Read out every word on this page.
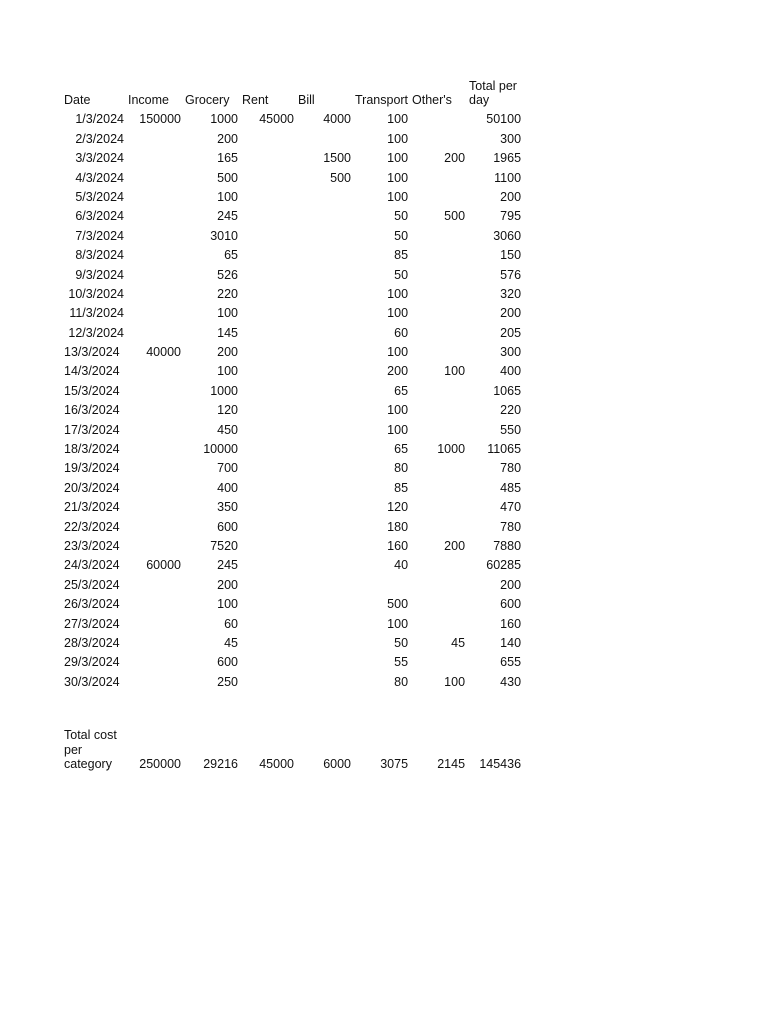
Date	Income	Grocery	Rent	Bill	Transport	Other's	Total per day
1/3/2024	150000	1000	45000	4000	100		50100
2/3/2024		200			100		300
3/3/2024		165		1500	100	200	1965
4/3/2024		500		500	100		1100
5/3/2024		100			100		200
6/3/2024		245			50	500	795
7/3/2024		3010			50		3060
8/3/2024		65			85		150
9/3/2024		526			50		576
10/3/2024		220			100		320
11/3/2024		100			100		200
12/3/2024		145			60		205
13/3/2024	40000	200			100		300
14/3/2024		100			200	100	400
15/3/2024		1000			65		1065
16/3/2024		120			100		220
17/3/2024		450			100		550
18/3/2024		10000			65	1000	11065
19/3/2024		700			80		780
20/3/2024		400			85		485
21/3/2024		350			120		470
22/3/2024		600			180		780
23/3/2024		7520			160	200	7880
24/3/2024	60000	245			40		60285
25/3/2024		200					200
26/3/2024		100			500		600
27/3/2024		60			100		160
28/3/2024		45			50	45	140
29/3/2024		600			55		655
30/3/2024		250			80	100	430

Total cost per category	250000	29216	45000	6000	3075	2145	145436
